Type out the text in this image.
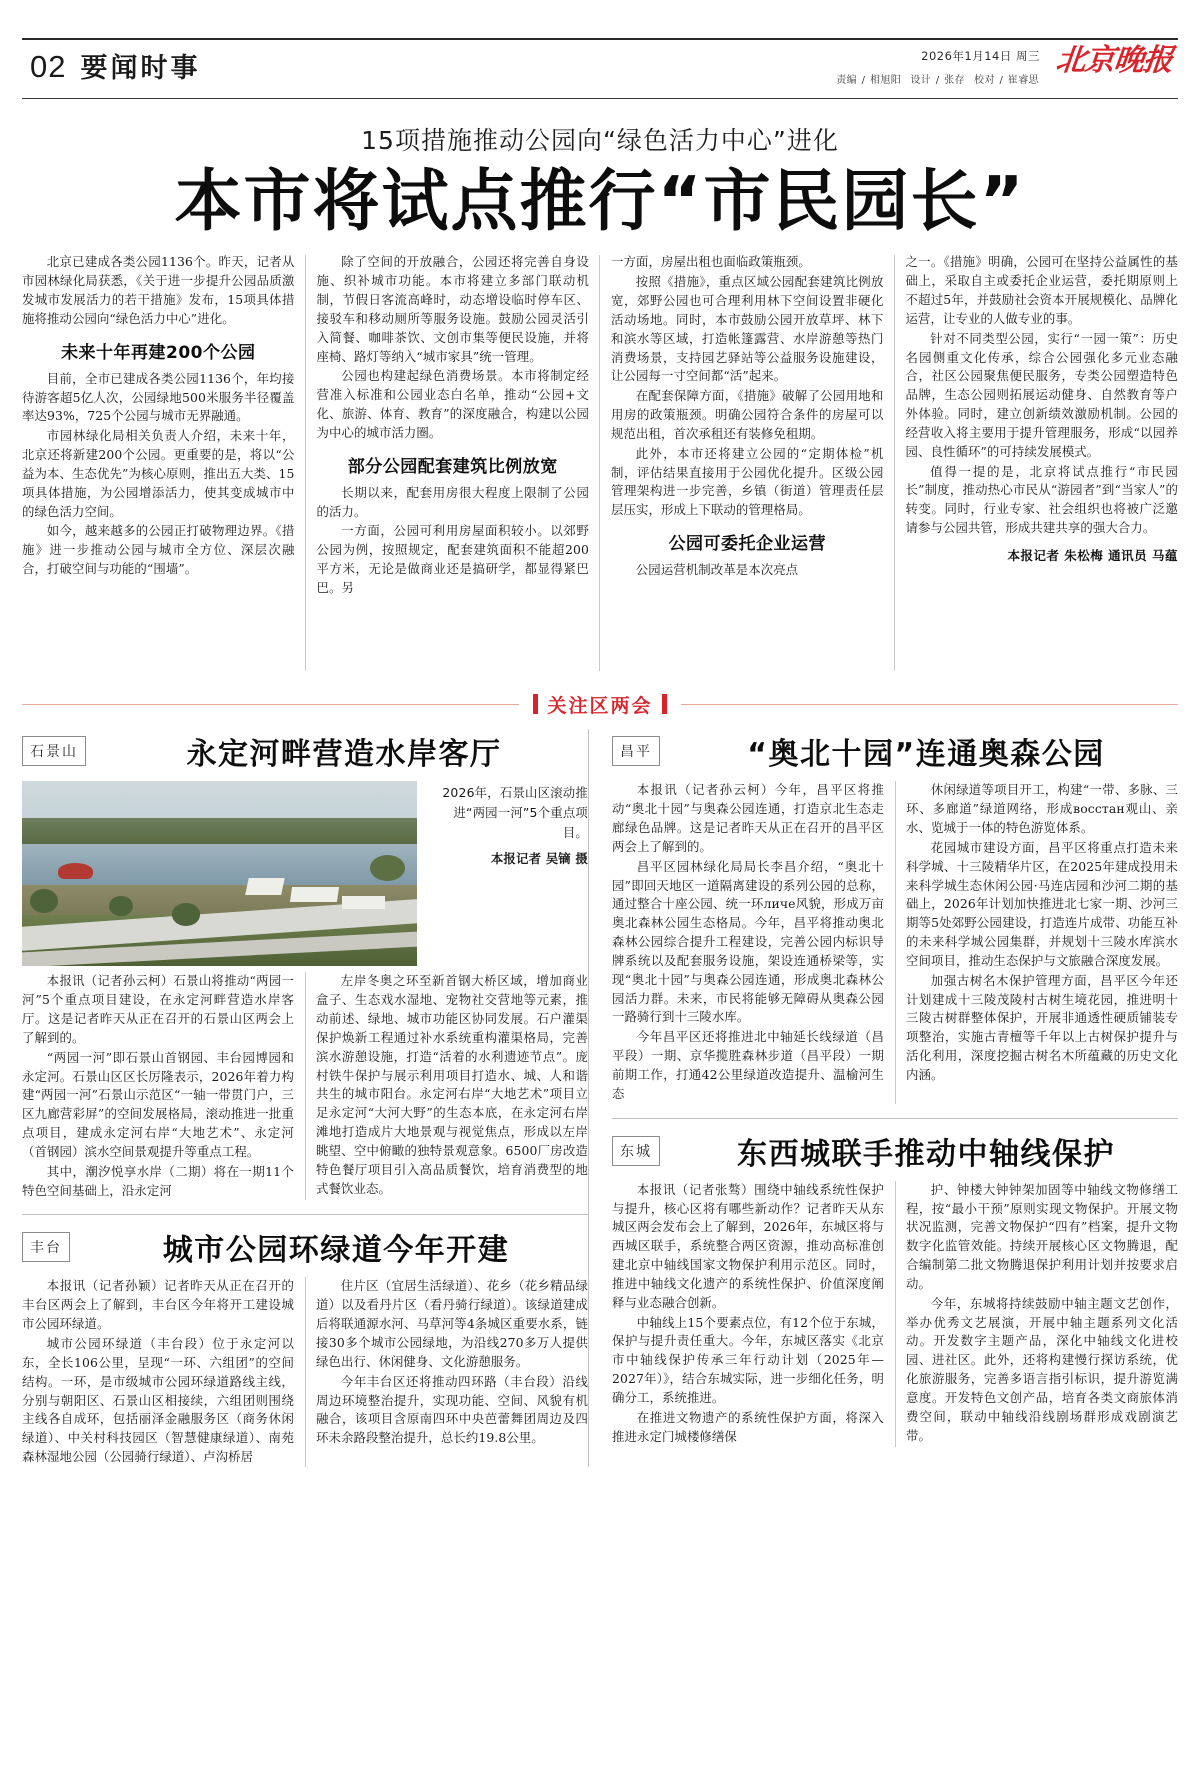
02 要闻时事	2026年1月14日 周三
责编 / 相旭阳 设计 / 张存 校对 / 崔睿思
北京晚报
15项措施推动公园向“绿色活力中心”进化
本市将试点推行“市民园长”

北京已建成各类公园1136个。昨天，记者从市园林绿化局获悉，《关于进一步提升公园品质激发城市发展活力的若干措施》发布，15项具体措施将推动公园向“绿色活力中心”进化。

未来十年再建200个公园

目前，全市已建成各类公园1136个，年均接待游客超5亿人次，公园绿地500米服务半径覆盖率达93%，725个公园与城市无界融通。

市园林绿化局相关负责人介绍，未来十年，北京还将新建200个公园。更重要的是，将以“公益为本、生态优先”为核心原则，推出五大类、15项具体措施，为公园增添活力，使其变成城市中的绿色活力空间。

如今，越来越多的公园正打破物理边界。《措施》进一步推动公园与城市全方位、深层次融合，打破空间与功能的“围墙”。

除了空间的开放融合，公园还将完善自身设施、织补城市功能。本市将建立多部门联动机制，节假日客流高峰时，动态增设临时停车区、接驳车和移动厕所等服务设施。鼓励公园灵活引入简餐、咖啡茶饮、文创市集等便民设施，并将座椅、路灯等纳入“城市家具”统一管理。

公园也构建起绿色消费场景。本市将制定经营准入标准和公园业态白名单，推动“公园+文化、旅游、体育、教育”的深度融合，构建以公园为中心的城市活力圈。

部分公园配套建筑比例放宽

长期以来，配套用房很大程度上限制了公园的活力。

一方面，公园可利用房屋面积较小。以郊野公园为例，按照规定，配套建筑面积不能超200平方米，无论是做商业还是搞研学，都显得紧巴巴。另

一方面，房屋出租也面临政策瓶颈。

按照《措施》，重点区域公园配套建筑比例放宽，郊野公园也可合理利用林下空间设置非硬化活动场地。同时，本市鼓励公园开放草坪、林下和滨水等区域，打造帐篷露营、水岸游憩等热门消费场景，支持园艺驿站等公益服务设施建设，让公园每一寸空间都“活”起来。

在配套保障方面，《措施》破解了公园用地和用房的政策瓶颈。明确公园符合条件的房屋可以规范出租，首次承租还有装修免租期。

此外，本市还将建立公园的“定期体检”机制，评估结果直接用于公园优化提升。区级公园管理架构进一步完善，乡镇（街道）管理责任层层压实，形成上下联动的管理格局。

公园可委托企业运营

公园运营机制改革是本次亮点

之一。《措施》明确，公园可在坚持公益属性的基础上，采取自主或委托企业运营，委托期原则上不超过5年，并鼓励社会资本开展规模化、品牌化运营，让专业的人做专业的事。

针对不同类型公园，实行“一园一策”：历史名园侧重文化传承，综合公园强化多元业态融合，社区公园聚焦便民服务，专类公园塑造特色品牌，生态公园则拓展运动健身、自然教育等户外体验。同时，建立创新绩效激励机制。公园的经营收入将主要用于提升管理服务，形成“以园养园、良性循环”的可持续发展模式。

值得一提的是，北京将试点推行“市民园长”制度，推动热心市民从“游园者”到“当家人”的转变。同时，行业专家、社会组织也将被广泛邀请参与公园共管，形成共建共享的强大合力。

本报记者 朱松梅 通讯员 马蕴
关注区两会
石景山	永定河畔营造水岸客厅
2026年，石景山区滚动推进“两园一河”5个重点项目。
本报记者 吴镝 摄

本报讯（记者孙云柯）石景山将推动“两园一河”5个重点项目建设，在永定河畔营造水岸客厅。这是记者昨天从正在召开的石景山区两会上了解到的。

“两园一河”即石景山首钢园、丰台园博园和永定河。石景山区区长厉隆表示，2026年着力构建“两园一河”石景山示范区“一轴一带贯门户，三区九廊营彩屏”的空间发展格局，滚动推进一批重点项目，建成永定河右岸“大地艺术”、永定河（首钢园）滨水空间景观提升等重点工程。

其中，潮汐悦享水岸（二期）将在一期11个特色空间基础上，沿永定河

左岸冬奥之环至新首钢大桥区域，增加商业盒子、生态戏水湿地、宠物社交营地等元素，推动前述、绿地、城市功能区协同发展。石户灌渠保护焕新工程通过补水系统重构灌渠格局，完善滨水游憩设施，打造“活着的水利遗迹节点”。庞村铁牛保护与展示利用项目打造水、城、人和谐共生的城市阳台。永定河右岸“大地艺术”项目立足永定河“大河大野”的生态本底，在永定河右岸滩地打造成片大地景观与视觉焦点，形成以左岸眺望、空中俯瞰的独特景观意象。6500厂房改造特色餐厅项目引入高品质餐饮，培育消费型的地式餐饮业态。

丰台	城市公园环绿道今年开建

本报讯（记者孙颖）记者昨天从正在召开的丰台区两会上了解到，丰台区今年将开工建设城市公园环绿道。

城市公园环绿道（丰台段）位于永定河以东，全长106公里，呈现“一环、六组团”的空间结构。一环，是市级城市公园环绿道路线主线，分别与朝阳区、石景山区相接续，六组团则围绕主线各自成环，包括丽泽金融服务区（商务休闲绿道）、中关村科技园区（智慧健康绿道）、南苑森林湿地公园（公园骑行绿道）、卢沟桥居

住片区（宜居生活绿道）、花乡（花乡精品绿道）以及看丹片区（看丹骑行绿道）。该绿道建成后将联通源水河、马草河等4条城区重要水系，链接30多个城市公园绿地，为沿线270多万人提供绿色出行、休闲健身、文化游憩服务。

今年丰台区还将推动四环路（丰台段）沿线周边环境整治提升，实现功能、空间、风貌有机融合，该项目含原南四环中央芭蕾舞团周边及四环未余路段整治提升，总长约19.8公里。

昌平	“奥北十园”连通奥森公园

本报讯（记者孙云柯）今年，昌平区将推动“奥北十园”与奥森公园连通，打造京北生态走廊绿色品牌。这是记者昨天从正在召开的昌平区两会上了解到的。

昌平区园林绿化局局长李昌介绍，“奥北十园”即回天地区一道隔离建设的系列公园的总称，通过整合十座公园、统一环личе风貌，形成万亩奥北森林公园生态格局。今年，昌平将推动奥北森林公园综合提升工程建设，完善公园内标识导牌系统以及配套服务设施，架设连通桥梁等，实现“奥北十园”与奥森公园连通，形成奥北森林公园活力群。未来，市民将能够无障碍从奥森公园一路骑行到十三陵水库。

今年昌平区还将推进北中轴延长线绿道（昌平段）一期、京华揽胜森林步道（昌平段）一期前期工作，打通42公里绿道改造提升、温榆河生态

休闲绿道等项目开工，构建“一带、多脉、三环、多廊道”绿道网络，形成восстан观山、亲水、览城于一体的特色游览体系。

花园城市建设方面，昌平区将重点打造未来科学城、十三陵精华片区，在2025年建成投用未来科学城生态休闲公园·马连店园和沙河二期的基础上，2026年计划加快推进北七家一期、沙河三期等5处郊野公园建设，打造连片成带、功能互补的未来科学城公园集群，并规划十三陵水库滨水空间项目，推动生态保护与文旅融合深度发展。

加强古树名木保护管理方面，昌平区今年还计划建成十三陵茂陵村古树生境花园，推进明十三陵古树群整体保护，开展非通透性硬质铺装专项整治，实施古青檀等千年以上古树保护提升与活化利用，深度挖掘古树名木所蕴藏的历史文化内涵。

东城	东西城联手推动中轴线保护

本报讯（记者张骜）围绕中轴线系统性保护与提升，核心区将有哪些新动作？记者昨天从东城区两会发布会上了解到，2026年，东城区将与西城区联手，系统整合两区资源，推动高标准创建北京中轴线国家文物保护利用示范区。同时，推进中轴线文化遗产的系统性保护、价值深度阐释与业态融合创新。

中轴线上15个要素点位，有12个位于东城，保护与提升责任重大。今年，东城区落实《北京市中轴线保护传承三年行动计划（2025年—2027年）》，结合东城实际，进一步细化任务，明确分工，系统推进。

在推进文物遗产的系统性保护方面，将深入推进永定门城楼修缮保

护、钟楼大钟钟架加固等中轴线文物修缮工程，按“最小干预”原则实现文物保护。开展文物状况监测，完善文物保护“四有”档案，提升文物数字化监管效能。持续开展核心区文物腾退，配合编制第二批文物腾退保护利用计划并按要求启动。

今年，东城将持续鼓励中轴主题文艺创作，举办优秀文艺展演，开展中轴主题系列文化活动。开发数字主题产品，深化中轴线文化进校园、进社区。此外，还将构建慢行探访系统，优化旅游服务，完善多语言指引标识，提升游览满意度。开发特色文创产品，培育各类文商旅体消费空间，联动中轴线沿线剧场群形成戏剧演艺带。
